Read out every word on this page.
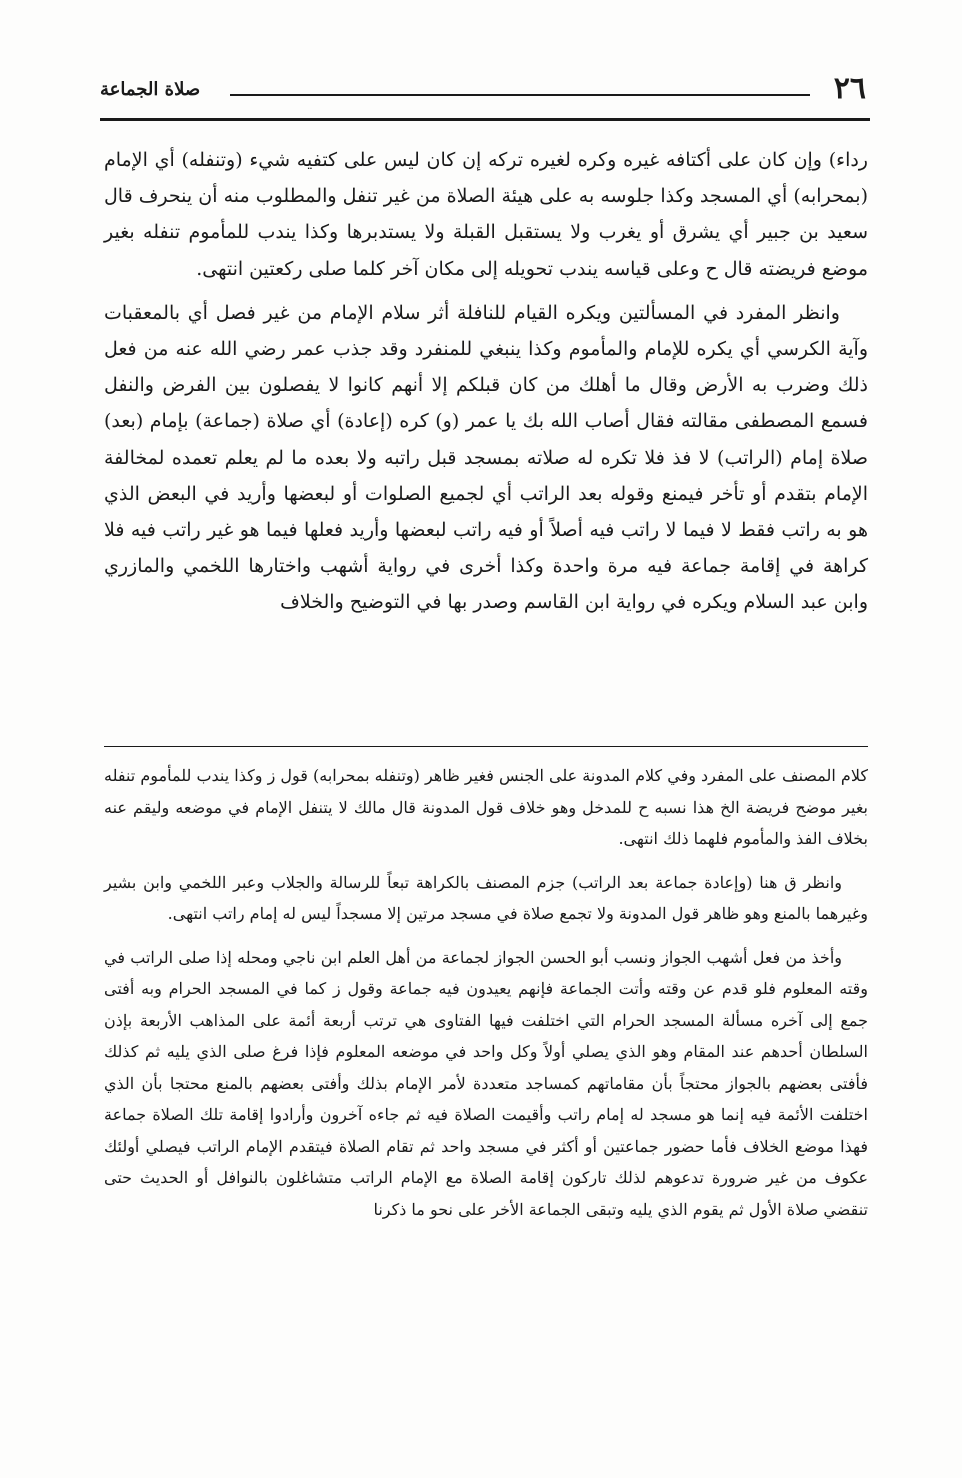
٢٦
صلاة الجماعة

رداء) وإن كان على أكتافه غيره وكره لغيره تركه إن كان ليس على كتفيه شيء (وتنفله) أي الإمام (بمحرابه) أي المسجد وكذا جلوسه به على هيئة الصلاة من غير تنفل والمطلوب منه أن ينحرف قال سعيد بن جبير أي يشرق أو يغرب ولا يستقبل القبلة ولا يستدبرها وكذا يندب للمأموم تنفله بغير موضع فريضته قال ح وعلى قياسه يندب تحويله إلى مكان آخر كلما صلى ركعتين انتهى.

وانظر المفرد في المسألتين ويكره القيام للنافلة أثر سلام الإمام من غير فصل أي بالمعقبات وآية الكرسي أي يكره للإمام والمأموم وكذا ينبغي للمنفرد وقد جذب عمر رضي الله عنه من فعل ذلك وضرب به الأرض وقال ما أهلك من كان قبلكم إلا أنهم كانوا لا يفصلون بين الفرض والنفل فسمع المصطفى مقالته فقال أصاب الله بك يا عمر (و) كره (إعادة) أي صلاة (جماعة) بإمام (بعد) صلاة إمام (الراتب) لا فذ فلا تكره له صلاته بمسجد قبل راتبه ولا بعده ما لم يعلم تعمده لمخالفة الإمام بتقدم أو تأخر فيمنع وقوله بعد الراتب أي لجميع الصلوات أو لبعضها وأريد في البعض الذي هو به راتب فقط لا فيما لا راتب فيه أصلاً أو فيه راتب لبعضها وأريد فعلها فيما هو غير راتب فيه فلا كراهة في إقامة جماعة فيه مرة واحدة وكذا أخرى في رواية أشهب واختارها اللخمي والمازري وابن عبد السلام ويكره في رواية ابن القاسم وصدر بها في التوضيح والخلاف

كلام المصنف على المفرد وفي كلام المدونة على الجنس فغير ظاهر (وتنفله بمحرابه) قول ز وكذا يندب للمأموم تنفله بغير موضح فريضة الخ هذا نسبه ح للمدخل وهو خلاف قول المدونة قال مالك لا يتنفل الإمام في موضعه وليقم عنه بخلاف الفذ والمأموم فلهما ذلك انتهى.

وانظر ق هنا (وإعادة جماعة بعد الراتب) جزم المصنف بالكراهة تبعاً للرسالة والجلاب وعبر اللخمي وابن بشير وغيرهما بالمنع وهو ظاهر قول المدونة ولا تجمع صلاة في مسجد مرتين إلا مسجداً ليس له إمام راتب انتهى.

وأخذ من فعل أشهب الجواز ونسب أبو الحسن الجواز لجماعة من أهل العلم ابن ناجي ومحله إذا صلى الراتب في وقته المعلوم فلو قدم عن وقته وأتت الجماعة فإنهم يعيدون فيه جماعة وقول ز كما في المسجد الحرام وبه أفتى جمع إلى آخره مسألة المسجد الحرام التي اختلفت فيها الفتاوى هي ترتب أربعة أئمة على المذاهب الأربعة بإذن السلطان أحدهم عند المقام وهو الذي يصلي أولاً وكل واحد في موضعه المعلوم فإذا فرغ صلى الذي يليه ثم كذلك فأفتى بعضهم بالجواز محتجاً بأن مقاماتهم كمساجد متعددة لأمر الإمام بذلك وأفتى بعضهم بالمنع محتجا بأن الذي اختلفت الأئمة فيه إنما هو مسجد له إمام راتب وأقيمت الصلاة فيه ثم جاءه آخرون وأرادوا إقامة تلك الصلاة جماعة فهذا موضع الخلاف فأما حضور جماعتين أو أكثر في مسجد واحد ثم تقام الصلاة فيتقدم الإمام الراتب فيصلي أولئك عكوف من غير ضرورة تدعوهم لذلك تاركون إقامة الصلاة مع الإمام الراتب متشاغلون بالنوافل أو الحديث حتى تنقضي صلاة الأول ثم يقوم الذي يليه وتبقى الجماعة الأخر على نحو ما ذكرنا
